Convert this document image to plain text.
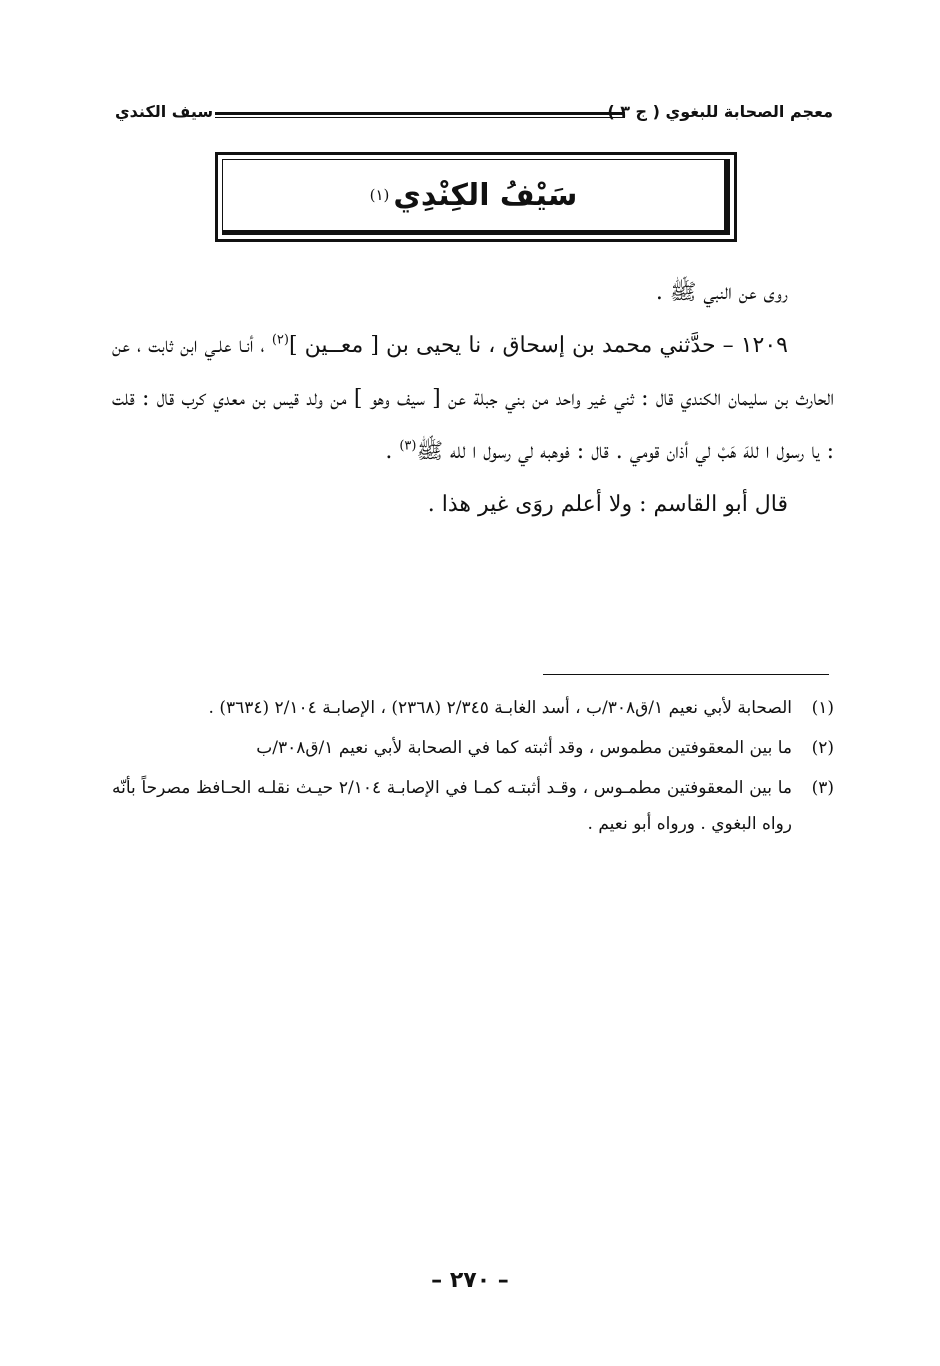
معجم الصحابة للبغوي ( ج ٣ )
سيف الكندي
سَيْفُ الكِنْدِي
(١)

روى عن النبي ﷺ .

١٢٠٩ – حدَّثني محمد بن إسحاق ، نا يحيى بن [ معــين ]$^{(٢)}$ ، أنـا علـي ابن ثابت ، عن الحارث بن سليمان الكندي قال : ثني غير واحد من بني جبلة عن [ سيف وهو ] من ولد قيس بن معدي كرب قال : قلت : يا رسول ا للهَ هَبْ لي أذان قومي . قال : فوهبه لي رسول ا لله ﷺ$^{(٣)}$ .

قال أبو القاسم : ولا أعلم روَى غير هذا .

(١)
الصحابة لأبي نعيم ١/ق٣٠٨/ب ، أسد الغابـة ٢/٣٤٥ (٢٣٦٨) ، الإصابـة ٢/١٠٤ (٣٦٣٤) .
(٢)
ما بين المعقوفتين مطموس ، وقد أثبته كما في الصحابة لأبي نعيم ١/ق٣٠٨/ب
(٣)
ما بين المعقوفتين مطمـوس ، وقـد أثبتـه كمـا في الإصابـة ٢/١٠٤ حيـث نقلـه الحـافظ مصرحاً بأنّه رواه البغوي . ورواه أبو نعيم .
– ٢٧٠ –
